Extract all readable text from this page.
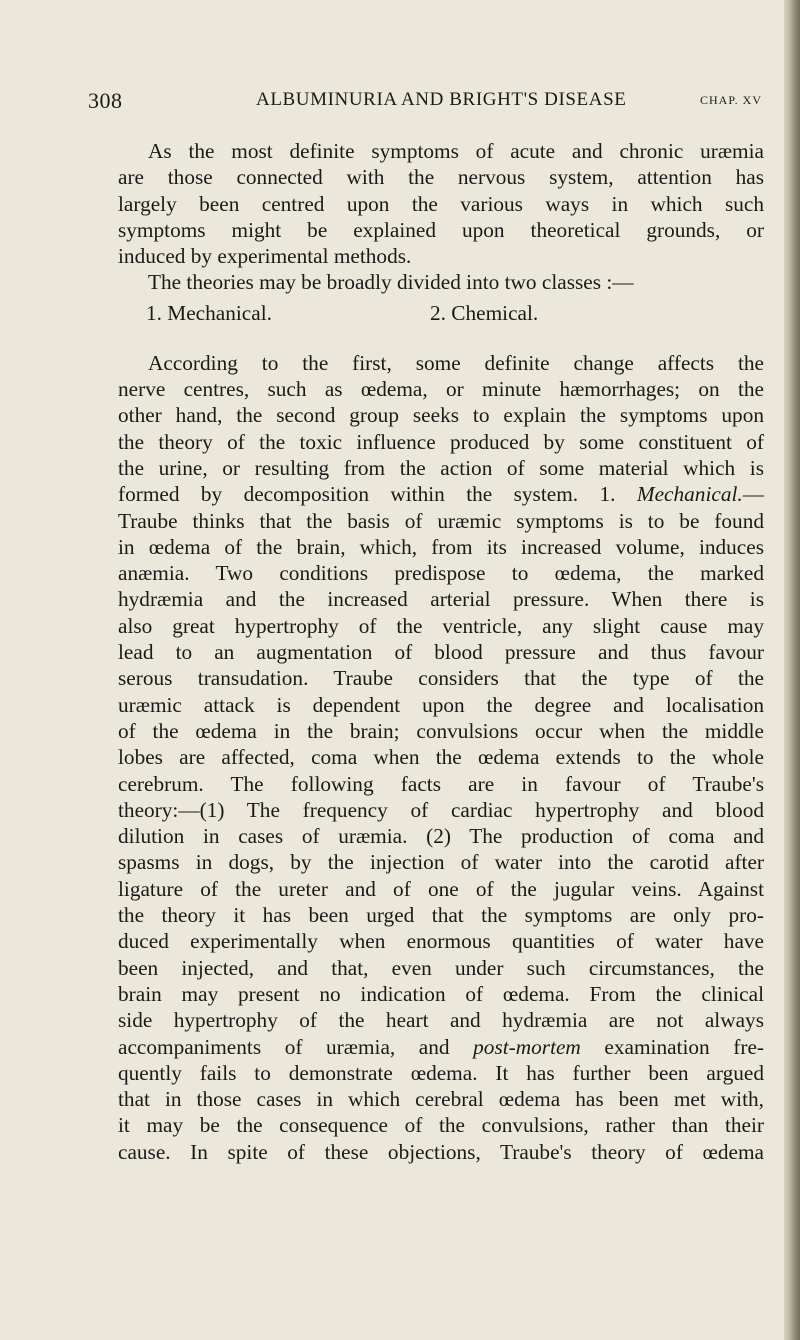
308	ALBUMINURIA AND BRIGHT'S DISEASE	CHAP. XV
As the most definite symptoms of acute and chronic uræmia
are those connected with the nervous system, attention has
largely been centred upon the various ways in which such
symptoms might be explained upon theoretical grounds, or
induced by experimental methods.
The theories may be broadly divided into two classes :—
1. Mechanical.	2. Chemical.
According to the first, some definite change affects the
nerve centres, such as œdema, or minute hæmorrhages; on the
other hand, the second group seeks to explain the symptoms upon
the theory of the toxic influence produced by some constituent of
the urine, or resulting from the action of some material which is
formed by decomposition within the system. 1. Mechanical.—
Traube thinks that the basis of uræmic symptoms is to be found
in œdema of the brain, which, from its increased volume, induces
anæmia. Two conditions predispose to œdema, the marked
hydræmia and the increased arterial pressure. When there is
also great hypertrophy of the ventricle, any slight cause may
lead to an augmentation of blood pressure and thus favour
serous transudation. Traube considers that the type of the
uræmic attack is dependent upon the degree and localisation
of the œdema in the brain; convulsions occur when the middle
lobes are affected, coma when the œdema extends to the whole
cerebrum. The following facts are in favour of Traube's
theory:—(1) The frequency of cardiac hypertrophy and blood
dilution in cases of uræmia. (2) The production of coma and
spasms in dogs, by the injection of water into the carotid after
ligature of the ureter and of one of the jugular veins. Against
the theory it has been urged that the symptoms are only pro-
duced experimentally when enormous quantities of water have
been injected, and that, even under such circumstances, the
brain may present no indication of œdema. From the clinical
side hypertrophy of the heart and hydræmia are not always
accompaniments of uræmia, and post-mortem examination fre-
quently fails to demonstrate œdema. It has further been argued
that in those cases in which cerebral œdema has been met with,
it may be the consequence of the convulsions, rather than their
cause. In spite of these objections, Traube's theory of œdema
